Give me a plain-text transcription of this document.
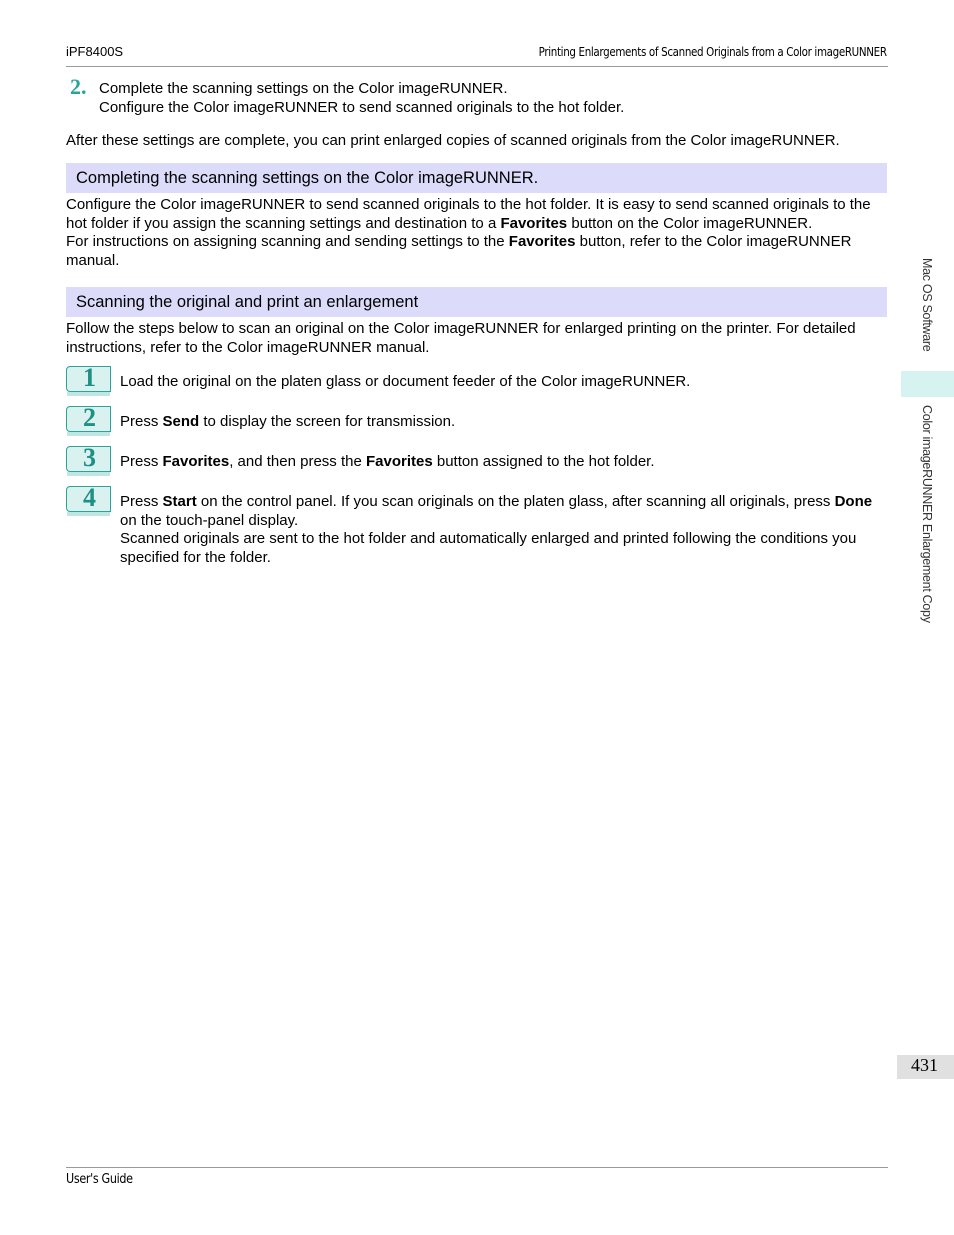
iPF8400S	Printing Enlargements of Scanned Originals from a Color imageRUNNER
2. Complete the scanning settings on the Color imageRUNNER.
Configure the Color imageRUNNER to send scanned originals to the hot folder.
After these settings are complete, you can print enlarged copies of scanned originals from the Color imageRUNNER.
Completing the scanning settings on the Color imageRUNNER.
Configure the Color imageRUNNER to send scanned originals to the hot folder. It is easy to send scanned originals to the hot folder if you assign the scanning settings and destination to a Favorites button on the Color imageRUNNER.
For instructions on assigning scanning and sending settings to the Favorites button, refer to the Color imageRUNNER manual.
Scanning the original and print an enlargement
Follow the steps below to scan an original on the Color imageRUNNER for enlarged printing on the printer. For detailed instructions, refer to the Color imageRUNNER manual.
1	Load the original on the platen glass or document feeder of the Color imageRUNNER.
2	Press Send to display the screen for transmission.
3	Press Favorites, and then press the Favorites button assigned to the hot folder.
4	Press Start on the control panel. If you scan originals on the platen glass, after scanning all originals, press Done on the touch-panel display.
Scanned originals are sent to the hot folder and automatically enlarged and printed following the conditions you specified for the folder.
Mac OS Software
Color imageRUNNER Enlargement Copy
431
User's Guide
